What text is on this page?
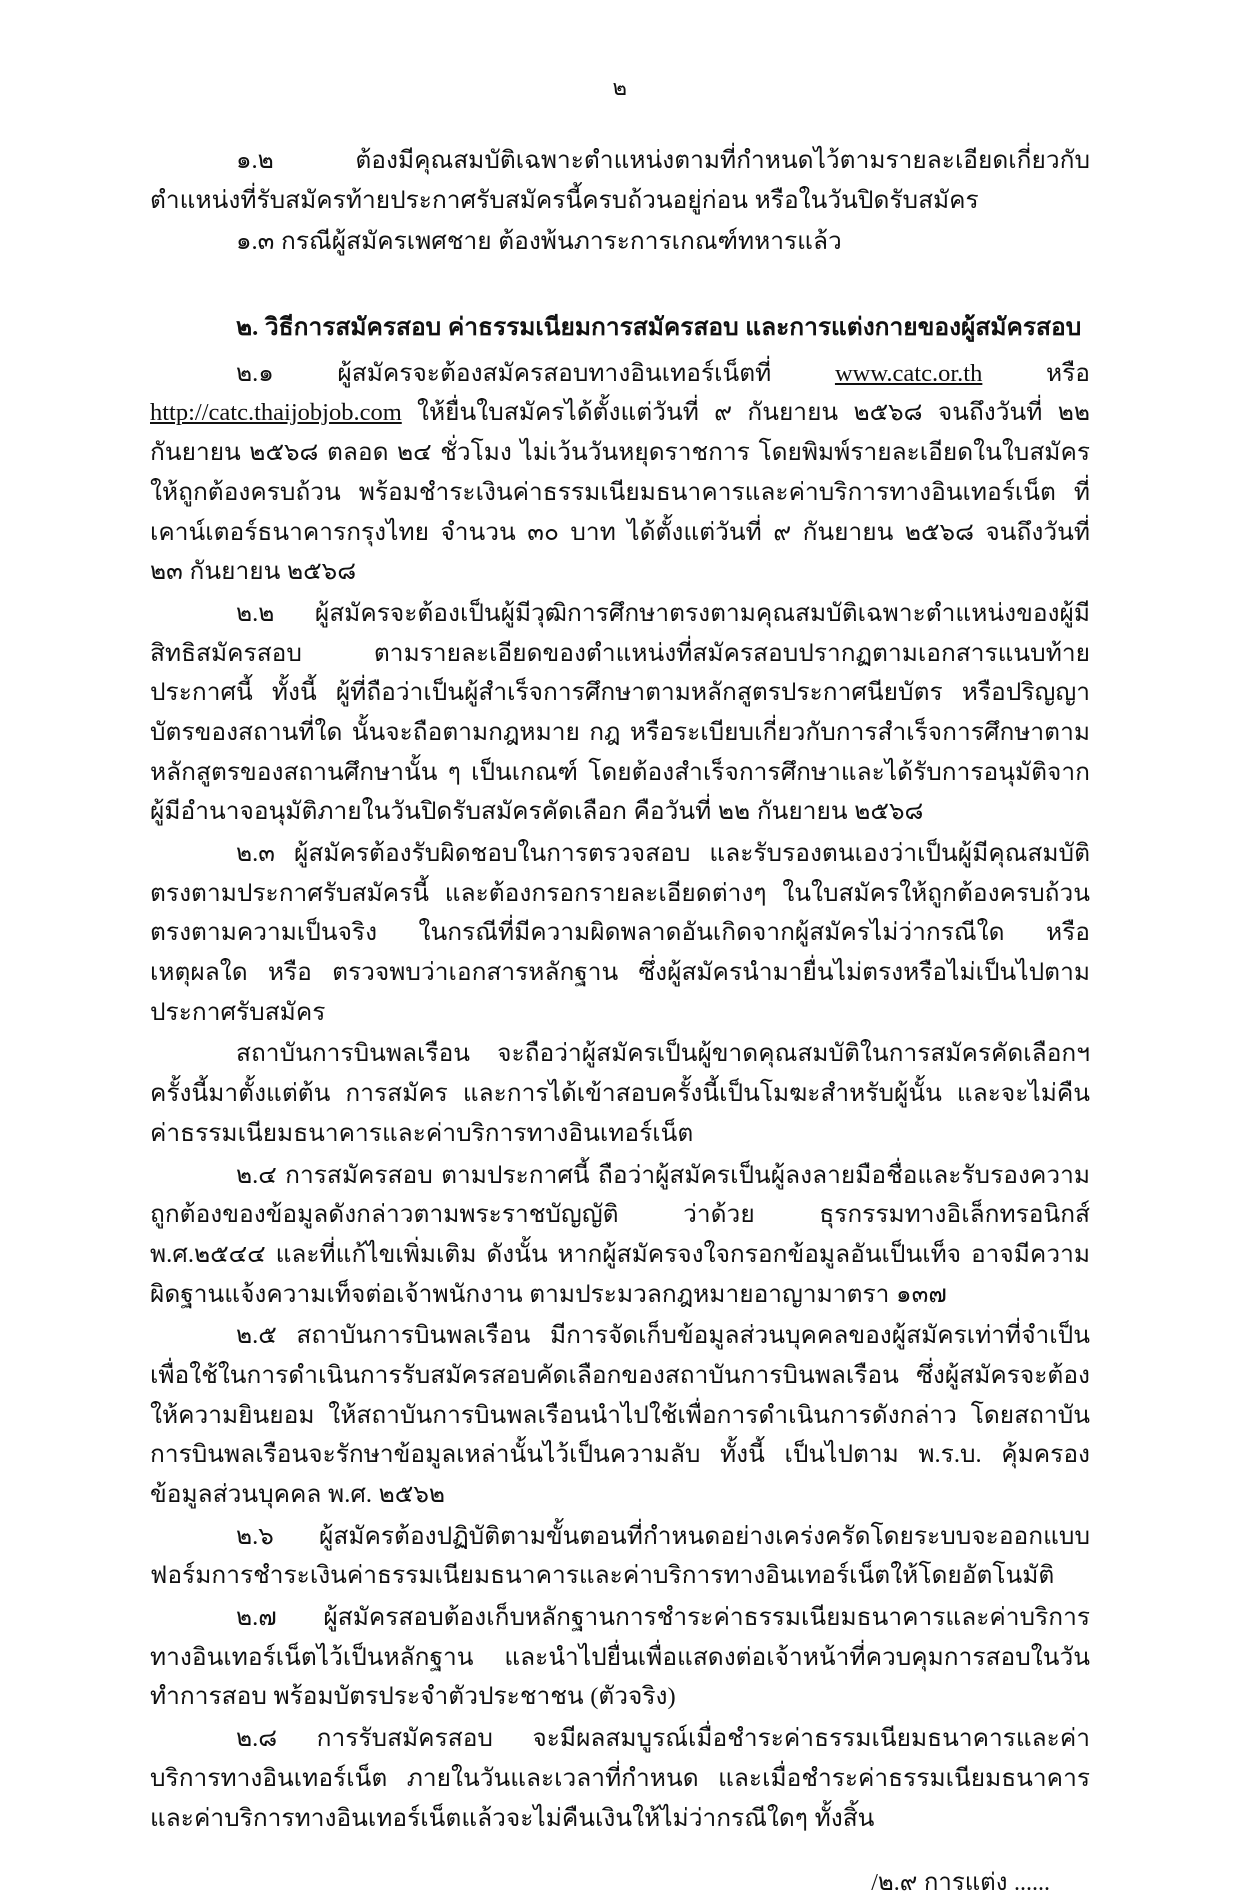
๒

๑.๒ ต้องมีคุณสมบัติเฉพาะตำแหน่งตามที่กำหนดไว้ตามรายละเอียดเกี่ยวกับตำแหน่งที่รับสมัครท้ายประกาศรับสมัครนี้ครบถ้วนอยู่ก่อน หรือในวันปิดรับสมัคร

๑.๓ กรณีผู้สมัครเพศชาย ต้องพ้นภาระการเกณฑ์ทหารแล้ว

๒. วิธีการสมัครสอบ ค่าธรรมเนียมการสมัครสอบ และการแต่งกายของผู้สมัครสอบ

๒.๑ ผู้สมัครจะต้องสมัครสอบทางอินเทอร์เน็ตที่ www.catc.or.th หรือ http://catc.thaijobjob.com ให้ยื่นใบสมัครได้ตั้งแต่วันที่ ๙ กันยายน ๒๕๖๘ จนถึงวันที่ ๒๒ กันยายน ๒๕๖๘ ตลอด ๒๔ ชั่วโมง ไม่เว้นวันหยุดราชการ โดยพิมพ์รายละเอียดในใบสมัครให้ถูกต้องครบถ้วน พร้อมชำระเงินค่าธรรมเนียมธนาคารและค่าบริการทางอินเทอร์เน็ต ที่เคาน์เตอร์ธนาคารกรุงไทย จำนวน ๓๐ บาท ได้ตั้งแต่วันที่ ๙ กันยายน ๒๕๖๘ จนถึงวันที่ ๒๓ กันยายน ๒๕๖๘

๒.๒ ผู้สมัครจะต้องเป็นผู้มีวุฒิการศึกษาตรงตามคุณสมบัติเฉพาะตำแหน่งของผู้มีสิทธิสมัครสอบ ตามรายละเอียดของตำแหน่งที่สมัครสอบปรากฏตามเอกสารแนบท้ายประกาศนี้ ทั้งนี้ ผู้ที่ถือว่าเป็นผู้สำเร็จการศึกษาตามหลักสูตรประกาศนียบัตร หรือปริญญาบัตรของสถานที่ใด นั้นจะถือตามกฎหมาย กฎ หรือระเบียบเกี่ยวกับการสำเร็จการศึกษาตามหลักสูตรของสถานศึกษานั้น ๆ เป็นเกณฑ์ โดยต้องสำเร็จการศึกษาและได้รับการอนุมัติจากผู้มีอำนาจอนุมัติภายในวันปิดรับสมัครคัดเลือก คือวันที่ ๒๒ กันยายน ๒๕๖๘

๒.๓ ผู้สมัครต้องรับผิดชอบในการตรวจสอบ และรับรองตนเองว่าเป็นผู้มีคุณสมบัติตรงตามประกาศรับสมัครนี้ และต้องกรอกรายละเอียดต่างๆ ในใบสมัครให้ถูกต้องครบถ้วนตรงตามความเป็นจริง ในกรณีที่มีความผิดพลาดอันเกิดจากผู้สมัครไม่ว่ากรณีใด หรือเหตุผลใด หรือ ตรวจพบว่าเอกสารหลักฐาน ซึ่งผู้สมัครนำมายื่นไม่ตรงหรือไม่เป็นไปตามประกาศรับสมัคร

สถาบันการบินพลเรือน จะถือว่าผู้สมัครเป็นผู้ขาดคุณสมบัติในการสมัครคัดเลือกฯ ครั้งนี้มาตั้งแต่ต้น การสมัคร และการได้เข้าสอบครั้งนี้เป็นโมฆะสำหรับผู้นั้น และจะไม่คืนค่าธรรมเนียมธนาคารและค่าบริการทางอินเทอร์เน็ต

๒.๔ การสมัครสอบ ตามประกาศนี้ ถือว่าผู้สมัครเป็นผู้ลงลายมือชื่อและรับรองความถูกต้องของข้อมูลดังกล่าวตามพระราชบัญญัติ ว่าด้วย ธุรกรรมทางอิเล็กทรอนิกส์ พ.ศ.๒๕๔๔ และที่แก้ไขเพิ่มเติม ดังนั้น หากผู้สมัครจงใจกรอกข้อมูลอันเป็นเท็จ อาจมีความผิดฐานแจ้งความเท็จต่อเจ้าพนักงาน ตามประมวลกฎหมายอาญามาตรา ๑๓๗

๒.๕ สถาบันการบินพลเรือน มีการจัดเก็บข้อมูลส่วนบุคคลของผู้สมัครเท่าที่จำเป็น เพื่อใช้ในการดำเนินการรับสมัครสอบคัดเลือกของสถาบันการบินพลเรือน ซึ่งผู้สมัครจะต้องให้ความยินยอม ให้สถาบันการบินพลเรือนนำไปใช้เพื่อการดำเนินการดังกล่าว โดยสถาบันการบินพลเรือนจะรักษาข้อมูลเหล่านั้นไว้เป็นความลับ ทั้งนี้ เป็นไปตาม พ.ร.บ. คุ้มครองข้อมูลส่วนบุคคล พ.ศ. ๒๕๖๒

๒.๖ ผู้สมัครต้องปฏิบัติตามขั้นตอนที่กำหนดอย่างเคร่งครัดโดยระบบจะออกแบบฟอร์มการชำระเงินค่าธรรมเนียมธนาคารและค่าบริการทางอินเทอร์เน็ตให้โดยอัตโนมัติ

๒.๗ ผู้สมัครสอบต้องเก็บหลักฐานการชำระค่าธรรมเนียมธนาคารและค่าบริการทางอินเทอร์เน็ตไว้เป็นหลักฐาน และนำไปยื่นเพื่อแสดงต่อเจ้าหน้าที่ควบคุมการสอบในวันทำการสอบ พร้อมบัตรประจำตัวประชาชน (ตัวจริง)

๒.๘ การรับสมัครสอบ จะมีผลสมบูรณ์เมื่อชำระค่าธรรมเนียมธนาคารและค่าบริการทางอินเทอร์เน็ต ภายในวันและเวลาที่กำหนด และเมื่อชำระค่าธรรมเนียมธนาคารและค่าบริการทางอินเทอร์เน็ตแล้วจะไม่คืนเงินให้ไม่ว่ากรณีใดๆ ทั้งสิ้น

/๒.๙ การแต่ง ......
